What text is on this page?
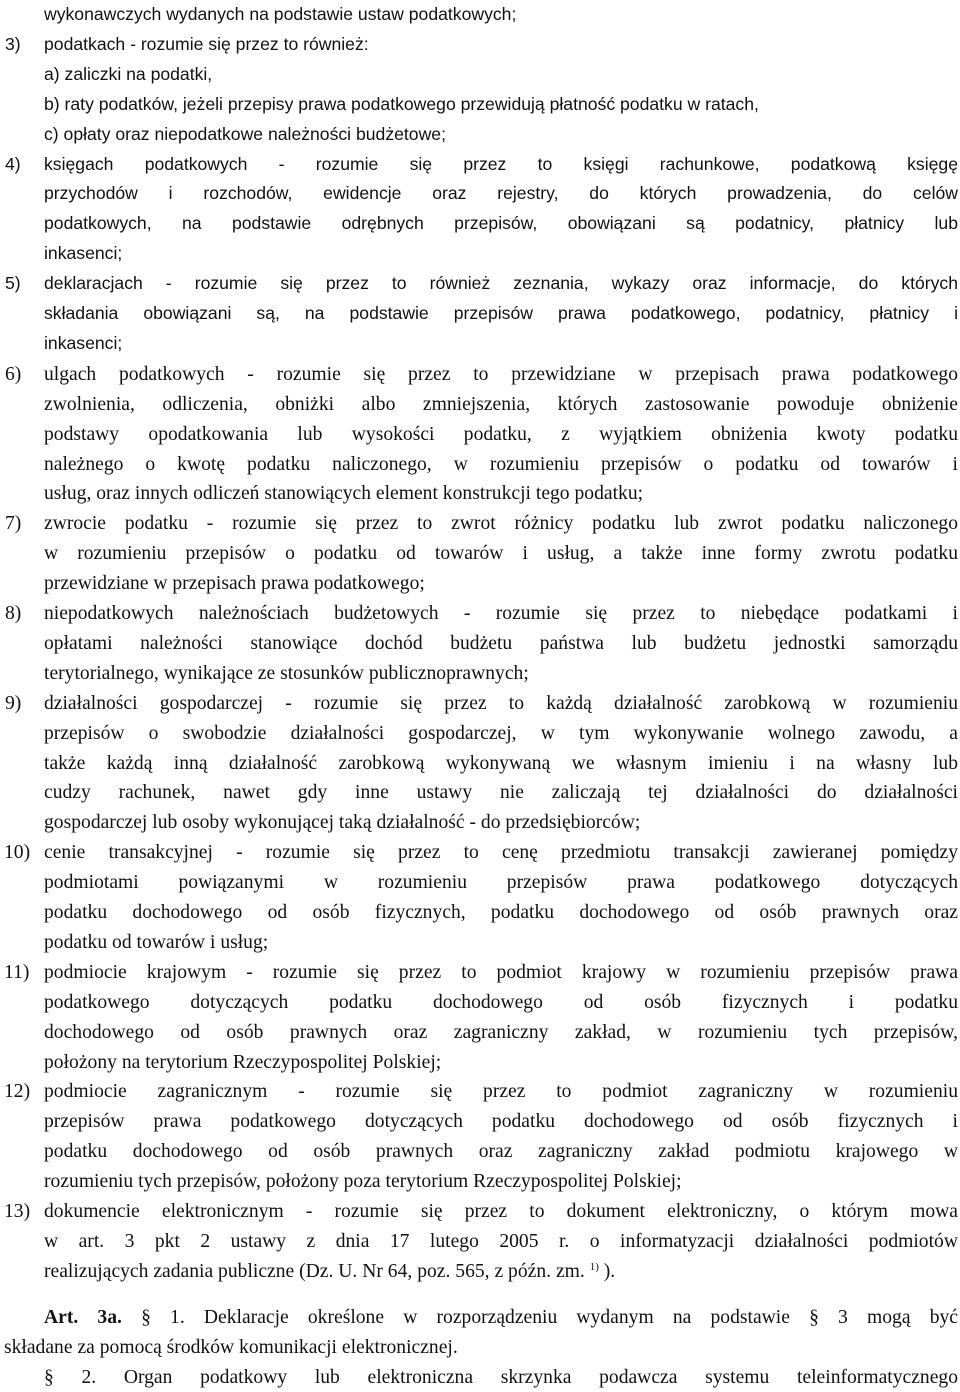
wykonawczych wydanych na podstawie ustaw podatkowych;
3) podatkach - rozumie się przez to również:
a) zaliczki na podatki,
b) raty podatków, jeżeli przepisy prawa podatkowego przewidują płatność podatku w ratach,
c) opłaty oraz niepodatkowe należności budżetowe;
4) księgach podatkowych - rozumie się przez to księgi rachunkowe, podatkową księgę
przychodów i rozchodów, ewidencje oraz rejestry, do których prowadzenia, do celów
podatkowych, na podstawie odrębnych przepisów, obowiązani są podatnicy, płatnicy lub
inkasenci;
5) deklaracjach - rozumie się przez to również zeznania, wykazy oraz informacje, do których
składania obowiązani są, na podstawie przepisów prawa podatkowego, podatnicy, płatnicy i
inkasenci;
6) ulgach podatkowych - rozumie się przez to przewidziane w przepisach prawa podatkowego
zwolnienia, odliczenia, obniżki albo zmniejszenia, których zastosowanie powoduje obniżenie
podstawy opodatkowania lub wysokości podatku, z wyjątkiem obniżenia kwoty podatku
należnego o kwotę podatku naliczonego, w rozumieniu przepisów o podatku od towarów i
usług, oraz innych odliczeń stanowiących element konstrukcji tego podatku;
7) zwrocie podatku - rozumie się przez to zwrot różnicy podatku lub zwrot podatku naliczonego
w rozumieniu przepisów o podatku od towarów i usług, a także inne formy zwrotu podatku
przewidziane w przepisach prawa podatkowego;
8) niepodatkowych należnościach budżetowych - rozumie się przez to niebędące podatkami i
opłatami należności stanowiące dochód budżetu państwa lub budżetu jednostki samorządu
terytorialnego, wynikające ze stosunków publicznoprawnych;
9) działalności gospodarczej - rozumie się przez to każdą działalność zarobkową w rozumieniu
przepisów o swobodzie działalności gospodarczej, w tym wykonywanie wolnego zawodu, a
także każdą inną działalność zarobkową wykonywaną we własnym imieniu i na własny lub
cudzy rachunek, nawet gdy inne ustawy nie zaliczają tej działalności do działalności
gospodarczej lub osoby wykonującej taką działalność - do przedsiębiorców;
10) cenie transakcyjnej - rozumie się przez to cenę przedmiotu transakcji zawieranej pomiędzy
podmiotami powiązanymi w rozumieniu przepisów prawa podatkowego dotyczących
podatku dochodowego od osób fizycznych, podatku dochodowego od osób prawnych oraz
podatku od towarów i usług;
11) podmiocie krajowym - rozumie się przez to podmiot krajowy w rozumieniu przepisów prawa
podatkowego dotyczących podatku dochodowego od osób fizycznych i podatku
dochodowego od osób prawnych oraz zagraniczny zakład, w rozumieniu tych przepisów,
położony na terytorium Rzeczypospolitej Polskiej;
12) podmiocie zagranicznym - rozumie się przez to podmiot zagraniczny w rozumieniu
przepisów prawa podatkowego dotyczących podatku dochodowego od osób fizycznych i
podatku dochodowego od osób prawnych oraz zagraniczny zakład podmiotu krajowego w
rozumieniu tych przepisów, położony poza terytorium Rzeczypospolitej Polskiej;
13) dokumencie elektronicznym - rozumie się przez to dokument elektroniczny, o którym mowa
w art. 3 pkt 2 ustawy z dnia 17 lutego 2005 r. o informatyzacji działalności podmiotów
realizujących zadania publiczne (Dz. U. Nr 64, poz. 565, z późn. zm. $^{1)}$ ).
Art. 3a. § 1. Deklaracje określone w rozporządzeniu wydanym na podstawie § 3 mogą być
składane za pomocą środków komunikacji elektronicznej.
§ 2. Organ podatkowy lub elektroniczna skrzynka podawcza systemu teleinformatycznego
